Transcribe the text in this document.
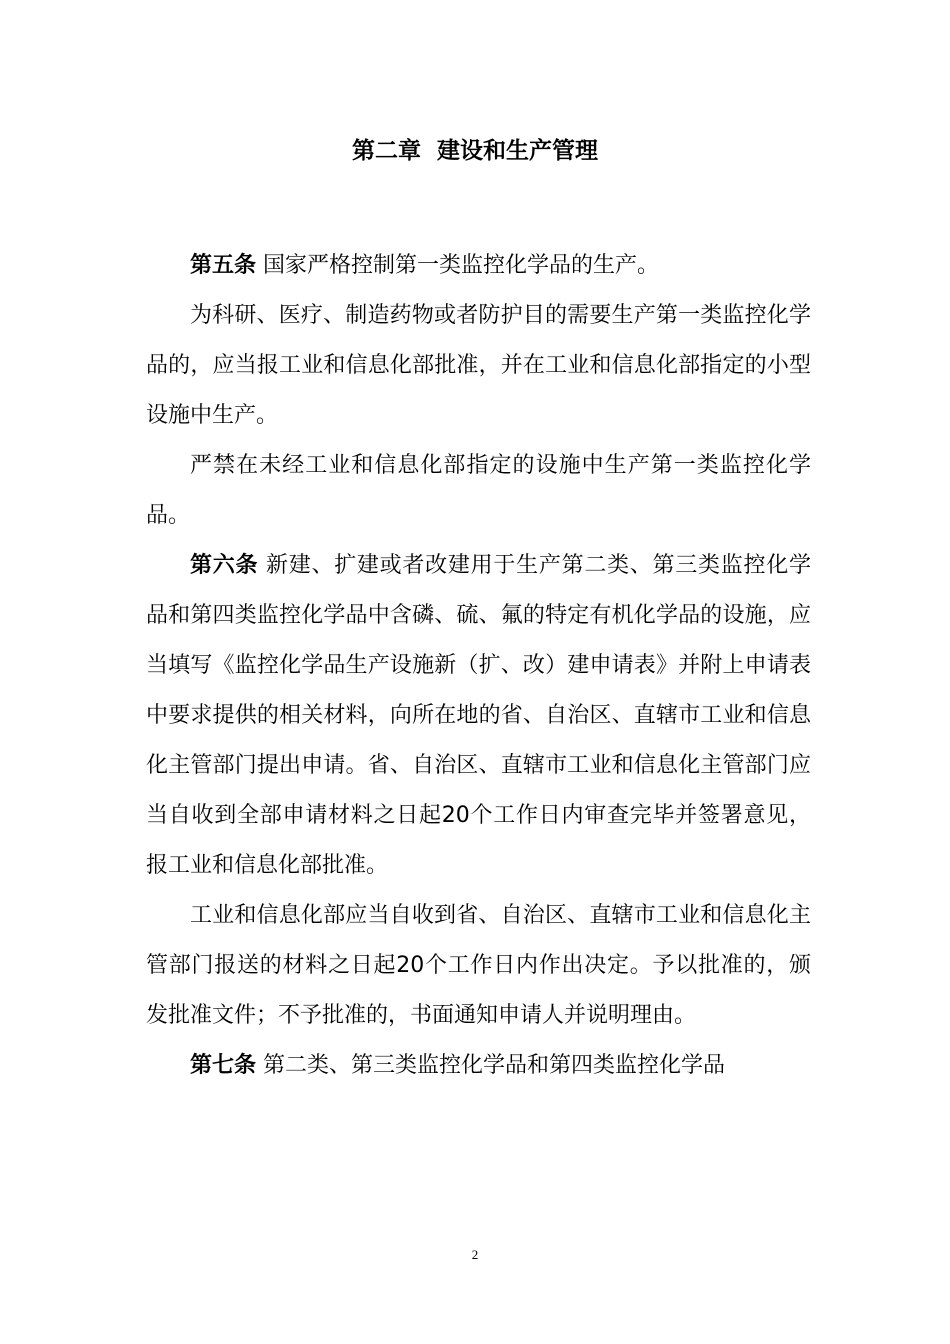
第二章  建设和生产管理

第五条 国家严格控制第一类监控化学品的生产。

为科研、医疗、制造药物或者防护目的需要生产第一类监控化学品的，应当报工业和信息化部批准，并在工业和信息化部指定的小型设施中生产。

严禁在未经工业和信息化部指定的设施中生产第一类监控化学品。

第六条 新建、扩建或者改建用于生产第二类、第三类监控化学品和第四类监控化学品中含磷、硫、氟的特定有机化学品的设施，应当填写《监控化学品生产设施新（扩、改）建申请表》并附上申请表中要求提供的相关材料，向所在地的省、自治区、直辖市工业和信息化主管部门提出申请。省、自治区、直辖市工业和信息化主管部门应当自收到全部申请材料之日起20个工作日内审查完毕并签署意见，报工业和信息化部批准。

工业和信息化部应当自收到省、自治区、直辖市工业和信息化主管部门报送的材料之日起20个工作日内作出决定。予以批准的，颁发批准文件；不予批准的，书面通知申请人并说明理由。

第七条 第二类、第三类监控化学品和第四类监控化学品

2
